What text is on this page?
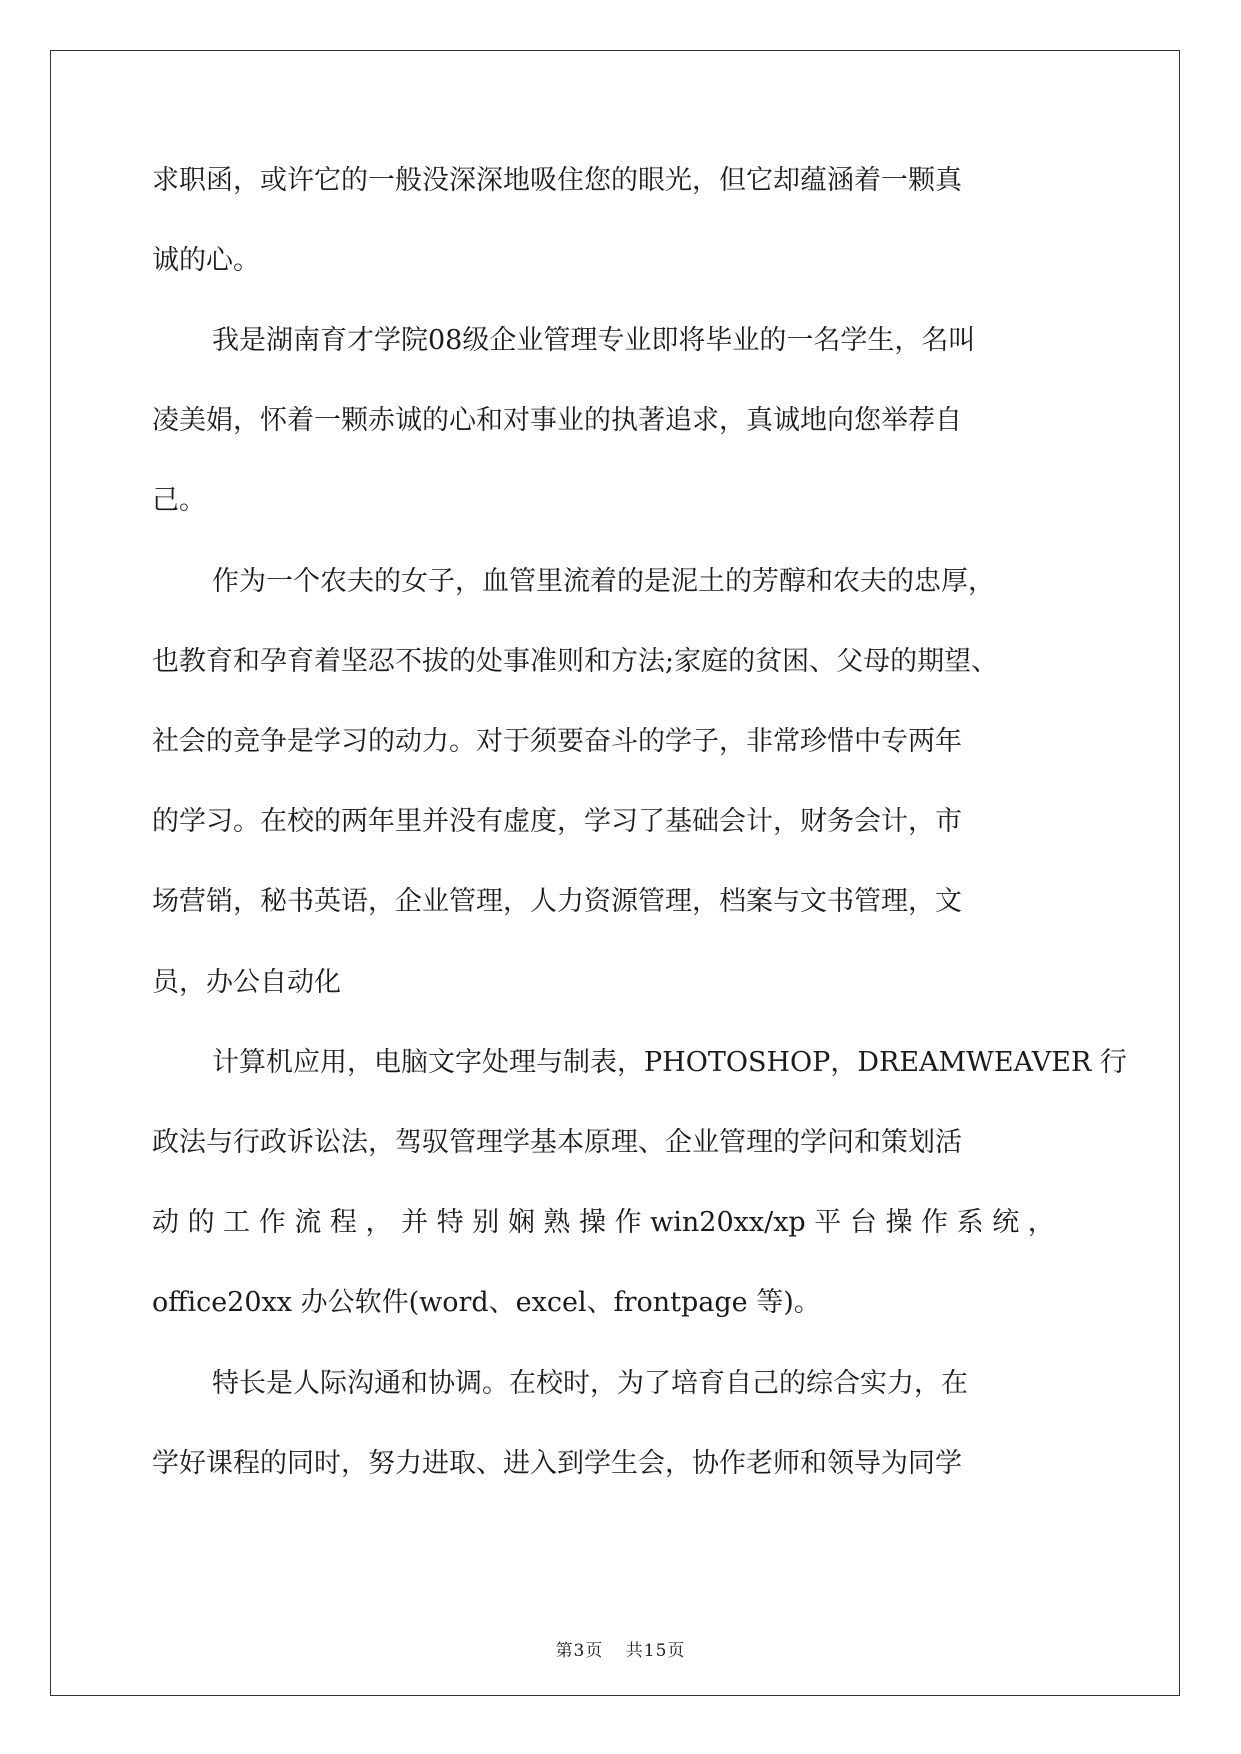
求职函，或许它的一般没深深地吸住您的眼光，但它却蕴涵着一颗真
诚的心。
我是湖南育才学院08级企业管理专业即将毕业的一名学生，名叫
凌美娟，怀着一颗赤诚的心和对事业的执著追求，真诚地向您举荐自
己。
作为一个农夫的女子，血管里流着的是泥土的芳醇和农夫的忠厚，
也教育和孕育着坚忍不拔的处事准则和方法;家庭的贫困、父母的期望、
社会的竞争是学习的动力。对于须要奋斗的学子，非常珍惜中专两年
的学习。在校的两年里并没有虚度，学习了基础会计，财务会计，市
场营销，秘书英语，企业管理，人力资源管理，档案与文书管理，文
员，办公自动化
计算机应用，电脑文字处理与制表，PHOTOSHOP，DREAMWEAVER 行
政法与行政诉讼法，驾驭管理学基本原理、企业管理的学问和策划活
动 的 工 作 流 程 ， 并 特 别 娴 熟 操 作 win20xx/xp 平 台 操 作 系 统 ，
office20xx 办公软件(word、excel、frontpage 等)。
特长是人际沟通和协调。在校时，为了培育自己的综合实力，在
学好课程的同时，努力进取、进入到学生会，协作老师和领导为同学
第3页 共15页
